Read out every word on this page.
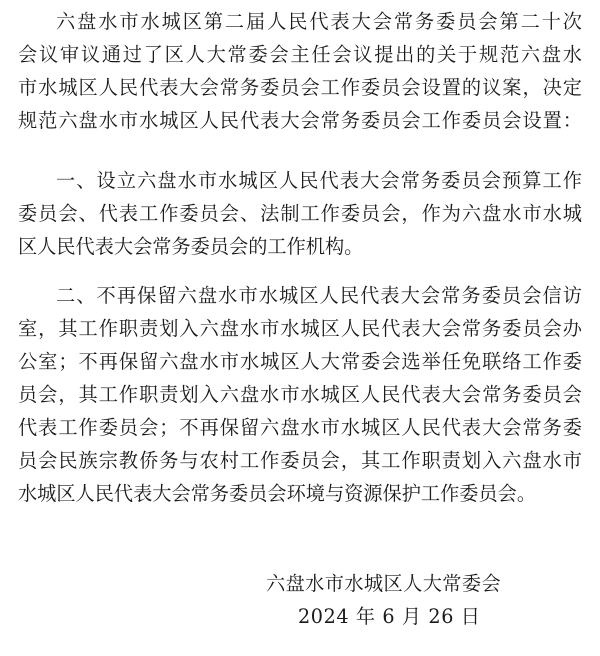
六盘水市水城区第二届人民代表大会常务委员会第二十次
会议审议通过了区人大常委会主任会议提出的关于规范六盘水
市水城区人民代表大会常务委员会工作委员会设置的议案，决定
规范六盘水市水城区人民代表大会常务委员会工作委员会设置：
一、设立六盘水市水城区人民代表大会常务委员会预算工作
委员会、代表工作委员会、法制工作委员会，作为六盘水市水城
区人民代表大会常务委员会的工作机构。
二、不再保留六盘水市水城区人民代表大会常务委员会信访
室，其工作职责划入六盘水市水城区人民代表大会常务委员会办
公室；不再保留六盘水市水城区人大常委会选举任免联络工作委
员会，其工作职责划入六盘水市水城区人民代表大会常务委员会
代表工作委员会；不再保留六盘水市水城区人民代表大会常务委
员会民族宗教侨务与农村工作委员会，其工作职责划入六盘水市
水城区人民代表大会常务委员会环境与资源保护工作委员会。
六盘水市水城区人大常委会
2024 年 6 月 26 日
